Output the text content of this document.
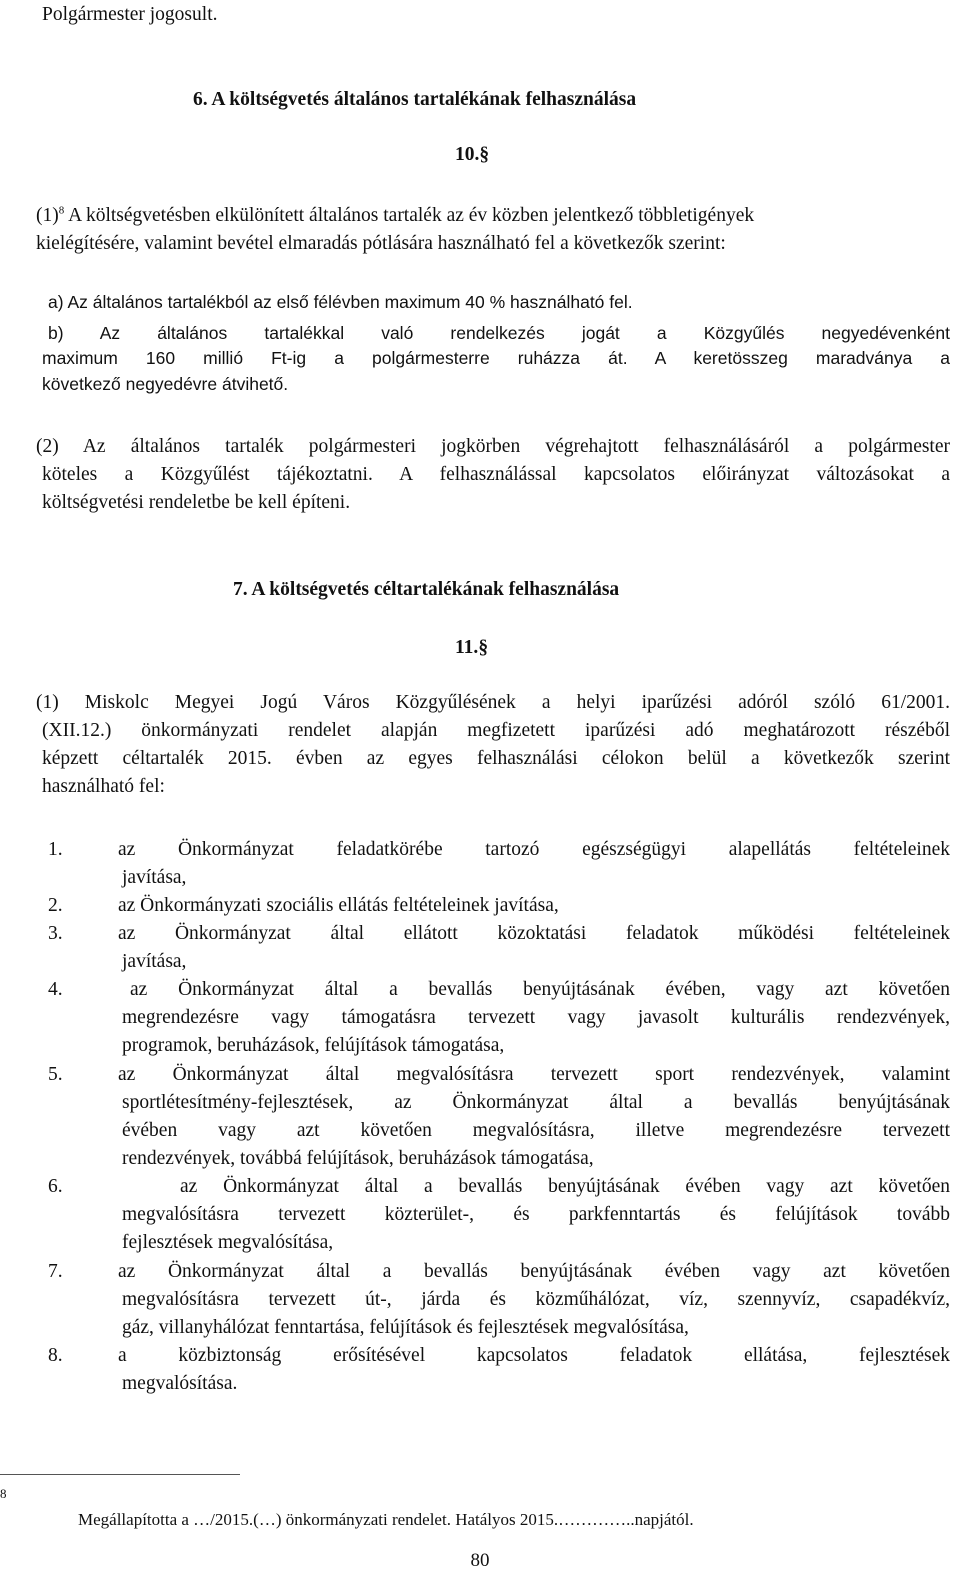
Polgármester jogosult.
6. A költségvetés általános tartalékának felhasználása
10.§
$(1)^8$ A költségvetésben elkülönített általános tartalék az év közben jelentkező többletigények
kielégítésére, valamint bevétel elmaradás pótlására használható fel a következők szerint:
a) Az általános tartalékból az első félévben maximum 40 % használható fel.
b) Az általános tartalékkal való rendelkezés jogát a Közgyűlés negyedévenként
maximum 160 millió Ft-ig a polgármesterre ruházza át. A keretösszeg maradványa a
következő negyedévre átvihető.
(2) Az általános tartalék polgármesteri jogkörben végrehajtott felhasználásáról a polgármester
köteles a Közgyűlést tájékoztatni. A felhasználással kapcsolatos előirányzat változásokat a
költségvetési rendeletbe be kell építeni.
7. A költségvetés céltartalékának felhasználása
11.§
(1) Miskolc Megyei Jogú Város Közgyűlésének a helyi iparűzési adóról szóló 61/2001.
(XII.12.) önkormányzati rendelet alapján megfizetett iparűzési adó meghatározott részéből
képzett céltartalék 2015. évben az egyes felhasználási célokon belül a következők szerint
használható fel:
1.	az Önkormányzat feladatkörébe tartozó egészségügyi alapellátás feltételeinek
javítása,
2.	az Önkormányzati szociális ellátás feltételeinek javítása,
3.	az Önkormányzat által ellátott közoktatási feladatok működési feltételeinek
javítása,
4.	az Önkormányzat által a bevallás benyújtásának évében, vagy azt követően
megrendezésre vagy támogatásra tervezett vagy javasolt kulturális rendezvények,
programok, beruházások, felújítások támogatása,
5.	az Önkormányzat által megvalósításra tervezett sport rendezvények, valamint
sportlétesítmény-fejlesztések, az Önkormányzat által a bevallás benyújtásának
évében vagy azt követően megvalósításra, illetve megrendezésre tervezett
rendezvények, továbbá felújítások, beruházások támogatása,
6.	az Önkormányzat által a bevallás benyújtásának évében vagy azt követően
megvalósításra tervezett közterület-, és parkfenntartás és felújítások tovább
fejlesztések megvalósítása,
7.	az Önkormányzat által a bevallás benyújtásának évében vagy azt követően
megvalósításra tervezett út-, járda és közműhálózat, víz, szennyvíz, csapadékvíz,
gáz, villanyhálózat fenntartása, felújítások és fejlesztések megvalósítása,
8.	a közbiztonság erősítésével kapcsolatos feladatok ellátása, fejlesztések
megvalósítása.
8
Megállapította a …/2015.(…) önkormányzati rendelet. Hatályos 2015.…………..napjától.
80
